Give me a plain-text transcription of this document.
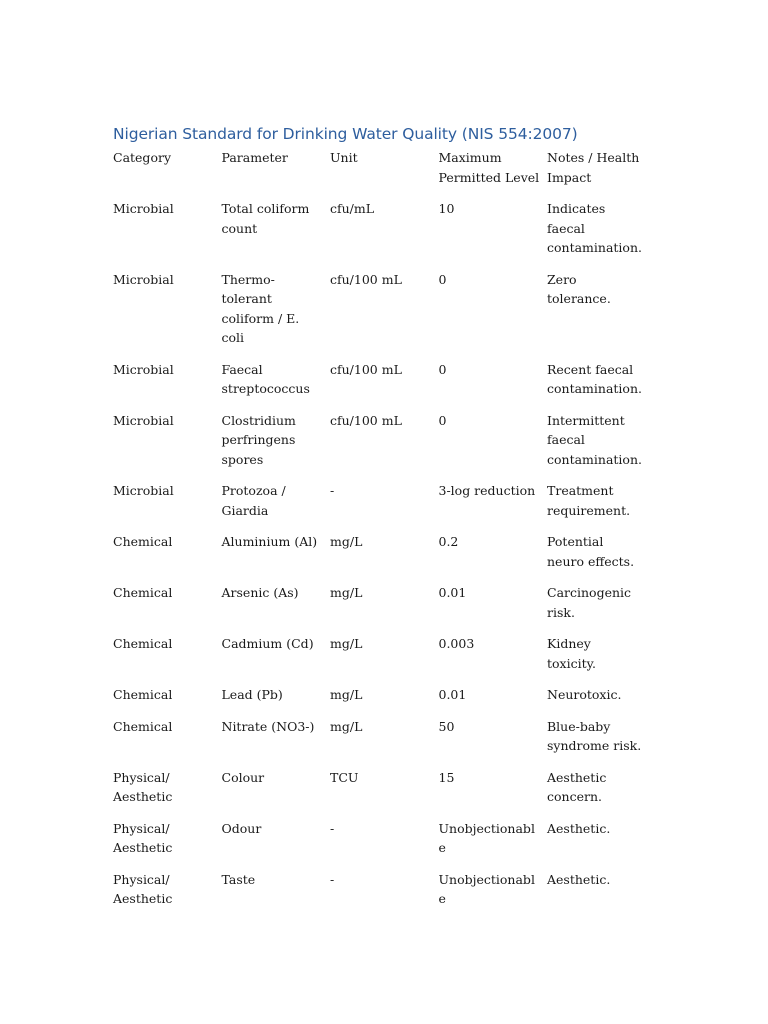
Nigerian Standard for Drinking Water Quality (NIS 554:2007)
Category	Parameter	Unit	Maximum Permitted Level	Notes / Health Impact
Microbial	Total coliform count	cfu/mL	10	Indicates faecal contamination.
Microbial	Thermo-tolerant coliform / E. coli	cfu/100 mL	0	Zero tolerance.
Microbial	Faecal streptococcus	cfu/100 mL	0	Recent faecal contamination.
Microbial	Clostridium perfringens spores	cfu/100 mL	0	Intermittent faecal contamination.
Microbial	Protozoa / Giardia	-	3-log reduction	Treatment requirement.
Chemical	Aluminium (Al)	mg/L	0.2	Potential neuro effects.
Chemical	Arsenic (As)	mg/L	0.01	Carcinogenic risk.
Chemical	Cadmium (Cd)	mg/L	0.003	Kidney toxicity.
Chemical	Lead (Pb)	mg/L	0.01	Neurotoxic.
Chemical	Nitrate (NO3-)	mg/L	50	Blue-baby syndrome risk.
Physical/ Aesthetic	Colour	TCU	15	Aesthetic concern.
Physical/ Aesthetic	Odour	-	Unobjectionable	Aesthetic.
Physical/ Aesthetic	Taste	-	Unobjectionable	Aesthetic.
